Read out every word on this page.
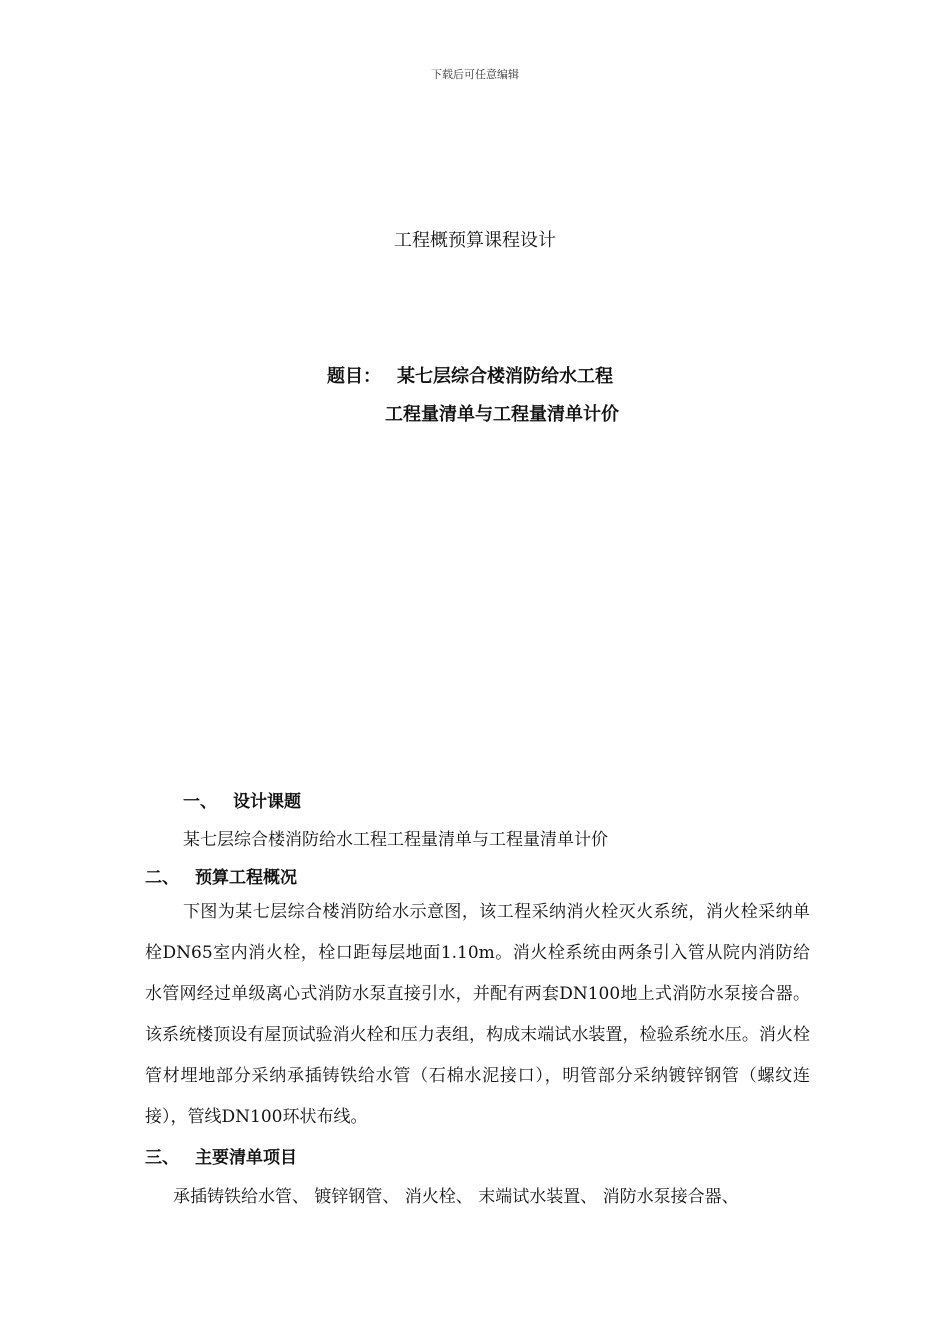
下载后可任意编辑
工程概预算课程设计
题目： 某七层综合楼消防给水工程
工程量清单与工程量清单计价
一、 设计课题
某七层综合楼消防给水工程工程量清单与工程量清单计价
二、 预算工程概况
下图为某七层综合楼消防给水示意图，该工程采纳消火栓灭火系统，消火栓采纳单栓DN65室内消火栓，栓口距每层地面1.10m。消火栓系统由两条引入管从院内消防给水管网经过单级离心式消防水泵直接引水，并配有两套DN100地上式消防水泵接合器。该系统楼顶设有屋顶试验消火栓和压力表组，构成末端试水装置，检验系统水压。消火栓管材埋地部分采纳承插铸铁给水管（石棉水泥接口），明管部分采纳镀锌钢管（螺纹连接），管线DN100环状布线。
三、 主要清单项目
承插铸铁给水管、 镀锌钢管、 消火栓、 末端试水装置、 消防水泵接合器、
